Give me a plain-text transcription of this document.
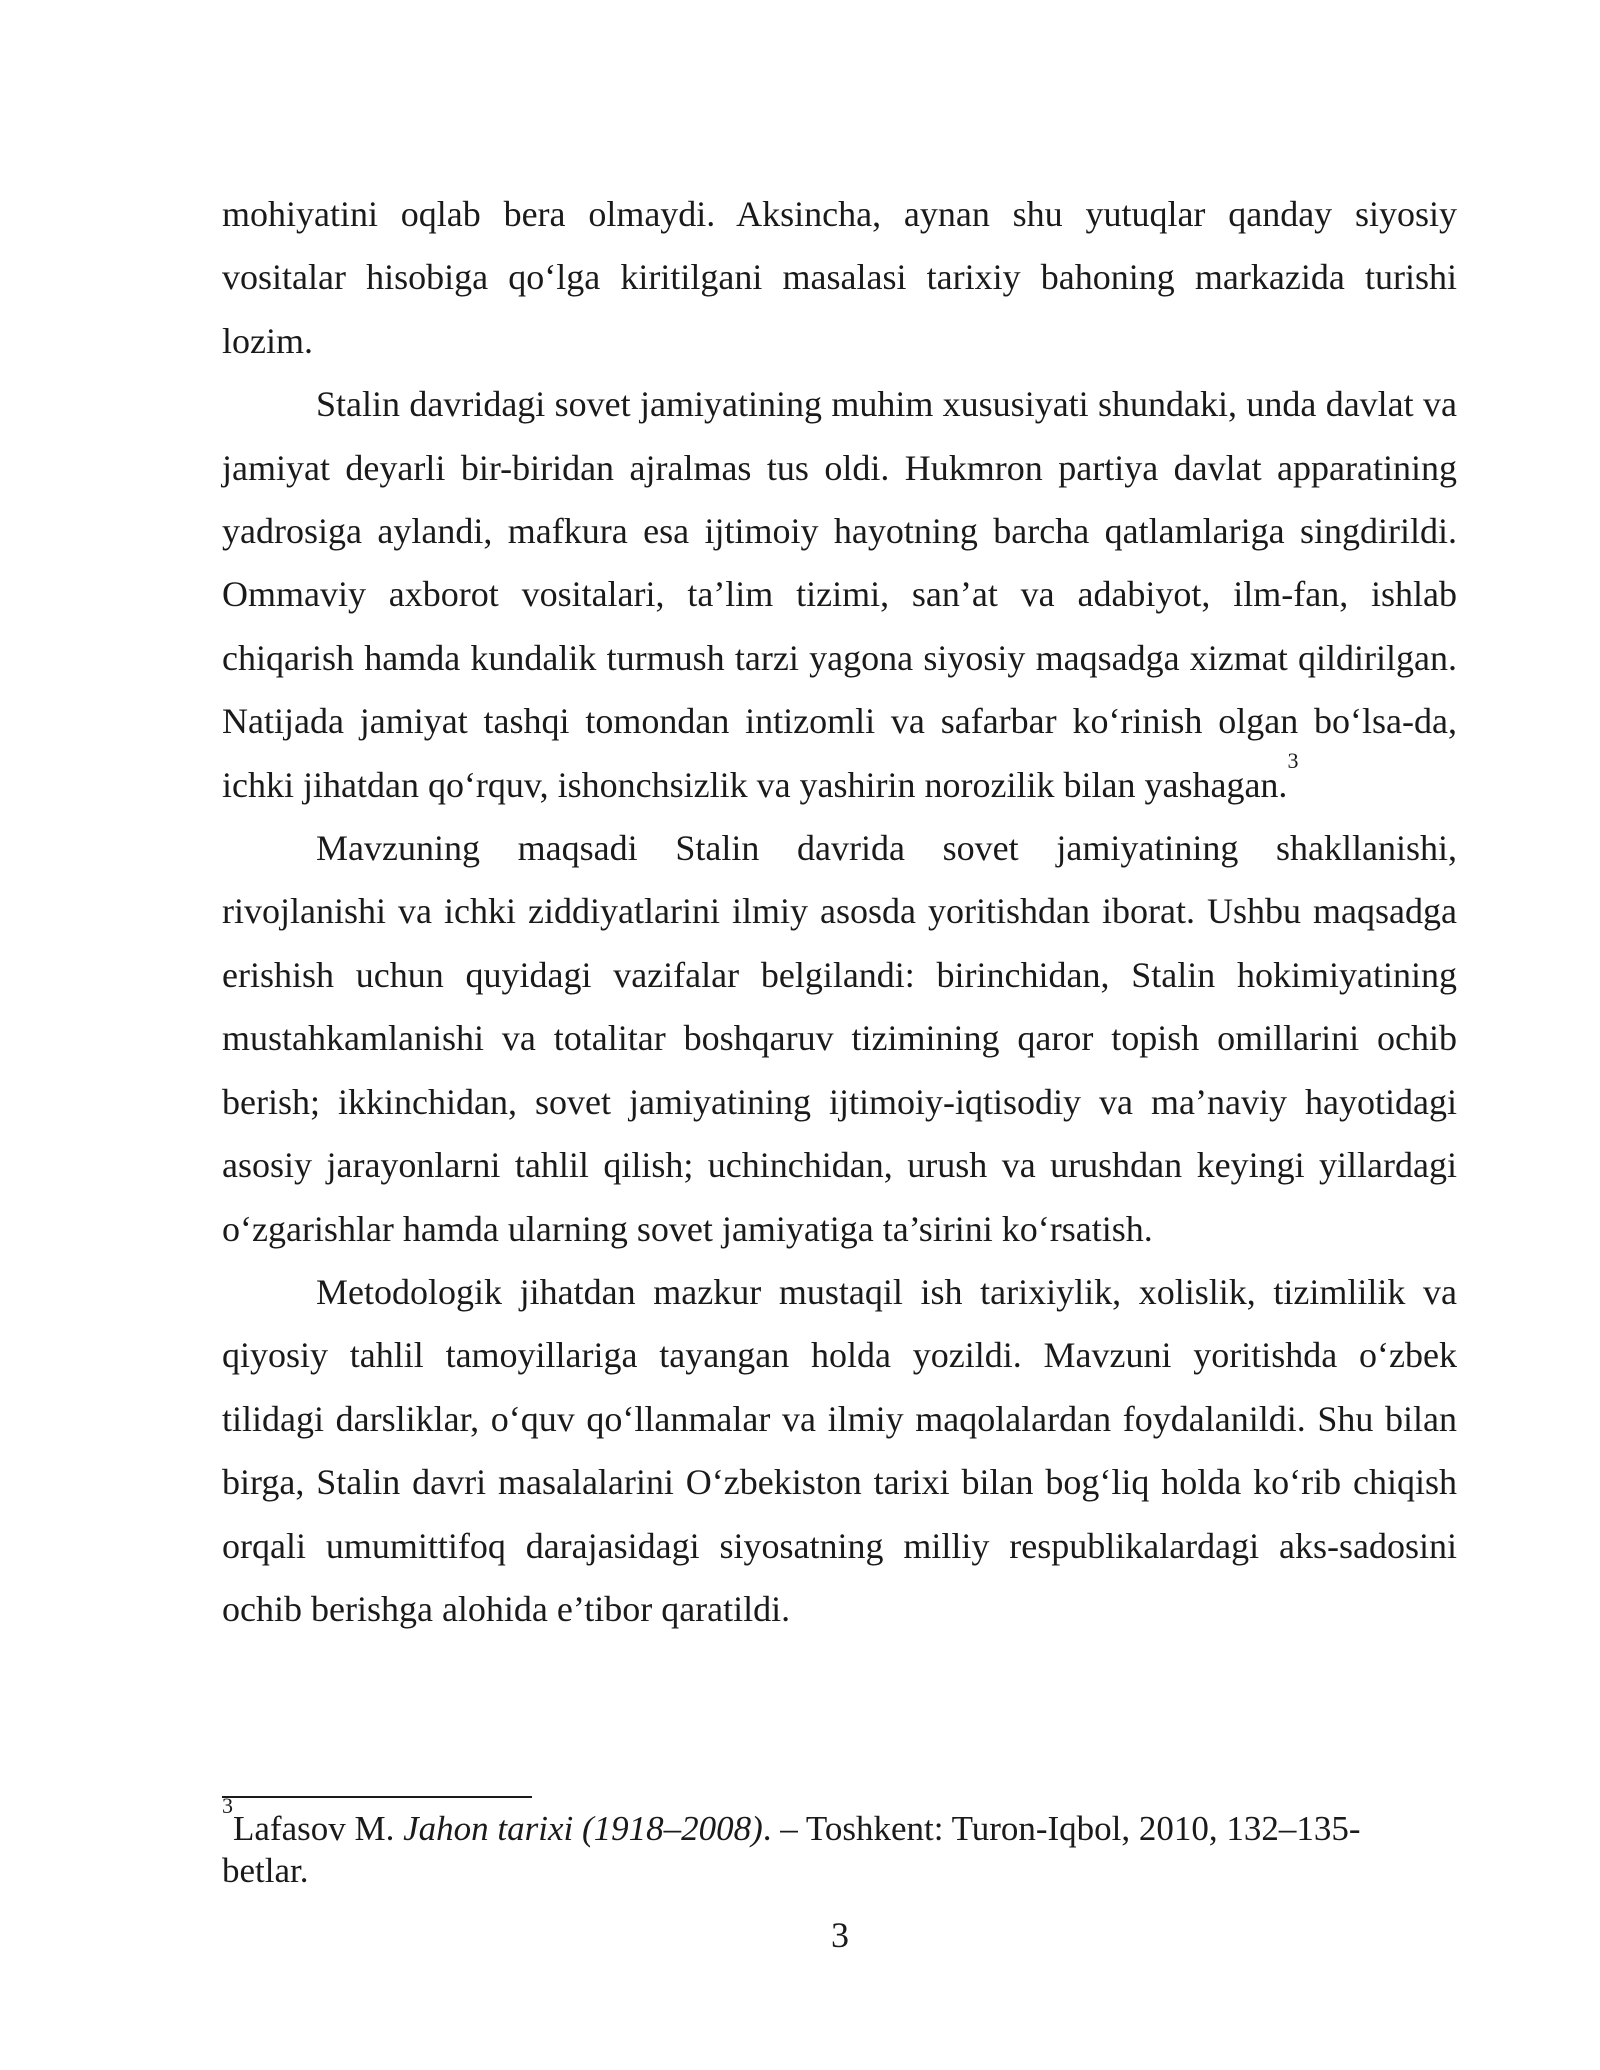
mohiyatini oqlab bera olmaydi. Aksincha, aynan shu yutuqlar qanday siyosiy vositalar hisobiga qo‘lga kiritilgani masalasi tarixiy bahoning markazida turishi lozim.

Stalin davridagi sovet jamiyatining muhim xususiyati shundaki, unda davlat va jamiyat deyarli bir-biridan ajralmas tus oldi. Hukmron partiya davlat apparatining yadrosiga aylandi, mafkura esa ijtimoiy hayotning barcha qatlamlariga singdirildi. Ommaviy axborot vositalari, ta’lim tizimi, san’at va adabiyot, ilm-fan, ishlab chiqarish hamda kundalik turmush tarzi yagona siyosiy maqsadga xizmat qildirilgan. Natijada jamiyat tashqi tomondan intizomli va safarbar ko‘rinish olgan bo‘lsa-da, ichki jihatdan qo‘rquv, ishonchsizlik va yashirin norozilik bilan yashagan.$^3$

Mavzuning maqsadi Stalin davrida sovet jamiyatining shakllanishi, rivojlanishi va ichki ziddiyatlarini ilmiy asosda yoritishdan iborat. Ushbu maqsadga erishish uchun quyidagi vazifalar belgilandi: birinchidan, Stalin hokimiyatining mustahkamlanishi va totalitar boshqaruv tizimining qaror topish omillarini ochib berish; ikkinchidan, sovet jamiyatining ijtimoiy-iqtisodiy va ma’naviy hayotidagi asosiy jarayonlarni tahlil qilish; uchinchidan, urush va urushdan keyingi yillardagi o‘zgarishlar hamda ularning sovet jamiyatiga ta’sirini ko‘rsatish.

Metodologik jihatdan mazkur mustaqil ish tarixiylik, xolislik, tizimlilik va qiyosiy tahlil tamoyillariga tayangan holda yozildi. Mavzuni yoritishda o‘zbek tilidagi darsliklar, o‘quv qo‘llanmalar va ilmiy maqolalardan foydalanildi. Shu bilan birga, Stalin davri masalalarini O‘zbekiston tarixi bilan bog‘liq holda ko‘rib chiqish orqali umumittifoq darajasidagi siyosatning milliy respublikalardagi aks-sadosini ochib berishga alohida e’tibor qaratildi.

$^3$Lafasov M. Jahon tarixi (1918–2008). – Toshkent: Turon-Iqbol, 2010, 132–135-betlar.
3
